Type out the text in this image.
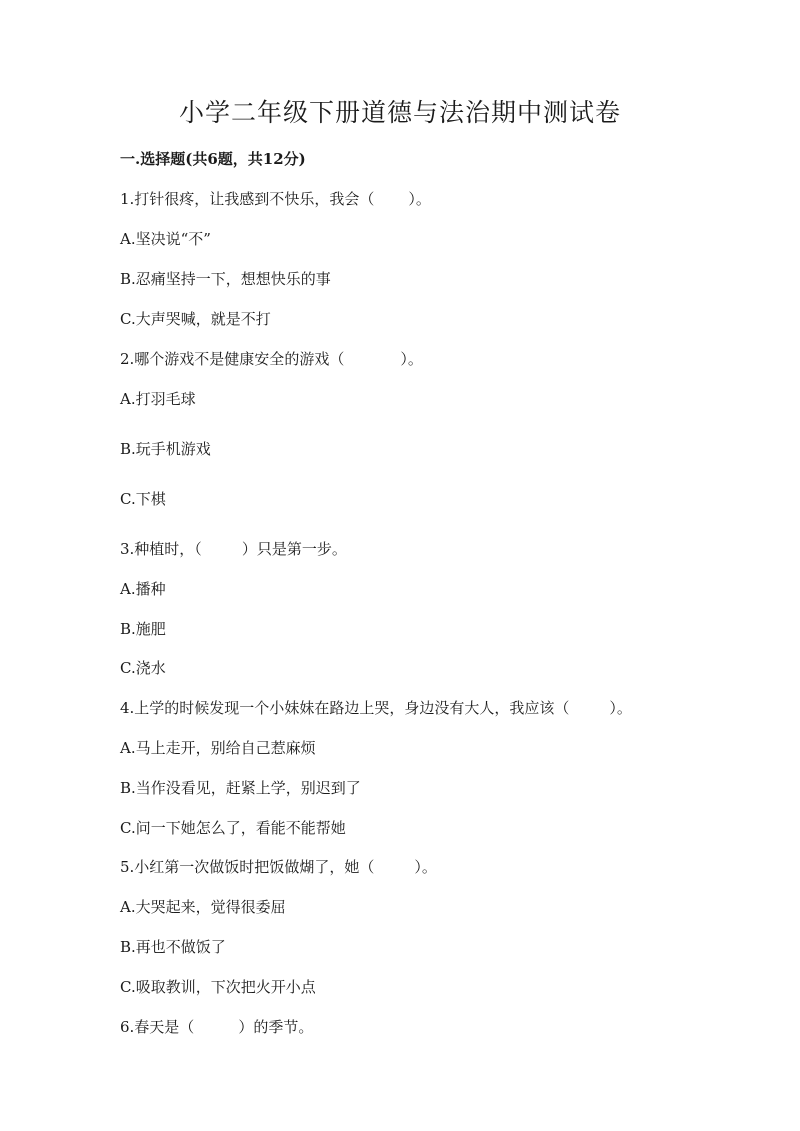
小学二年级下册道德与法治期中测试卷
一.选择题(共6题，共12分)
1.打针很疼，让我感到不快乐，我会（ ）。
A.坚决说“不”
B.忍痛坚持一下，想想快乐的事
C.大声哭喊，就是不打
2.哪个游戏不是健康安全的游戏（	）。
A.打羽毛球
B.玩手机游戏
C.下棋
3.种植时，（	）只是第一步。
A.播种
B.施肥
C.浇水
4.上学的时候发现一个小妹妹在路边上哭，身边没有大人，我应该（	）。
A.马上走开，别给自己惹麻烦
B.当作没看见，赶紧上学，别迟到了
C.问一下她怎么了，看能不能帮她
5.小红第一次做饭时把饭做煳了，她（	）。
A.大哭起来，觉得很委屈
B.再也不做饭了
C.吸取教训，下次把火开小点
6.春天是（	）的季节。
